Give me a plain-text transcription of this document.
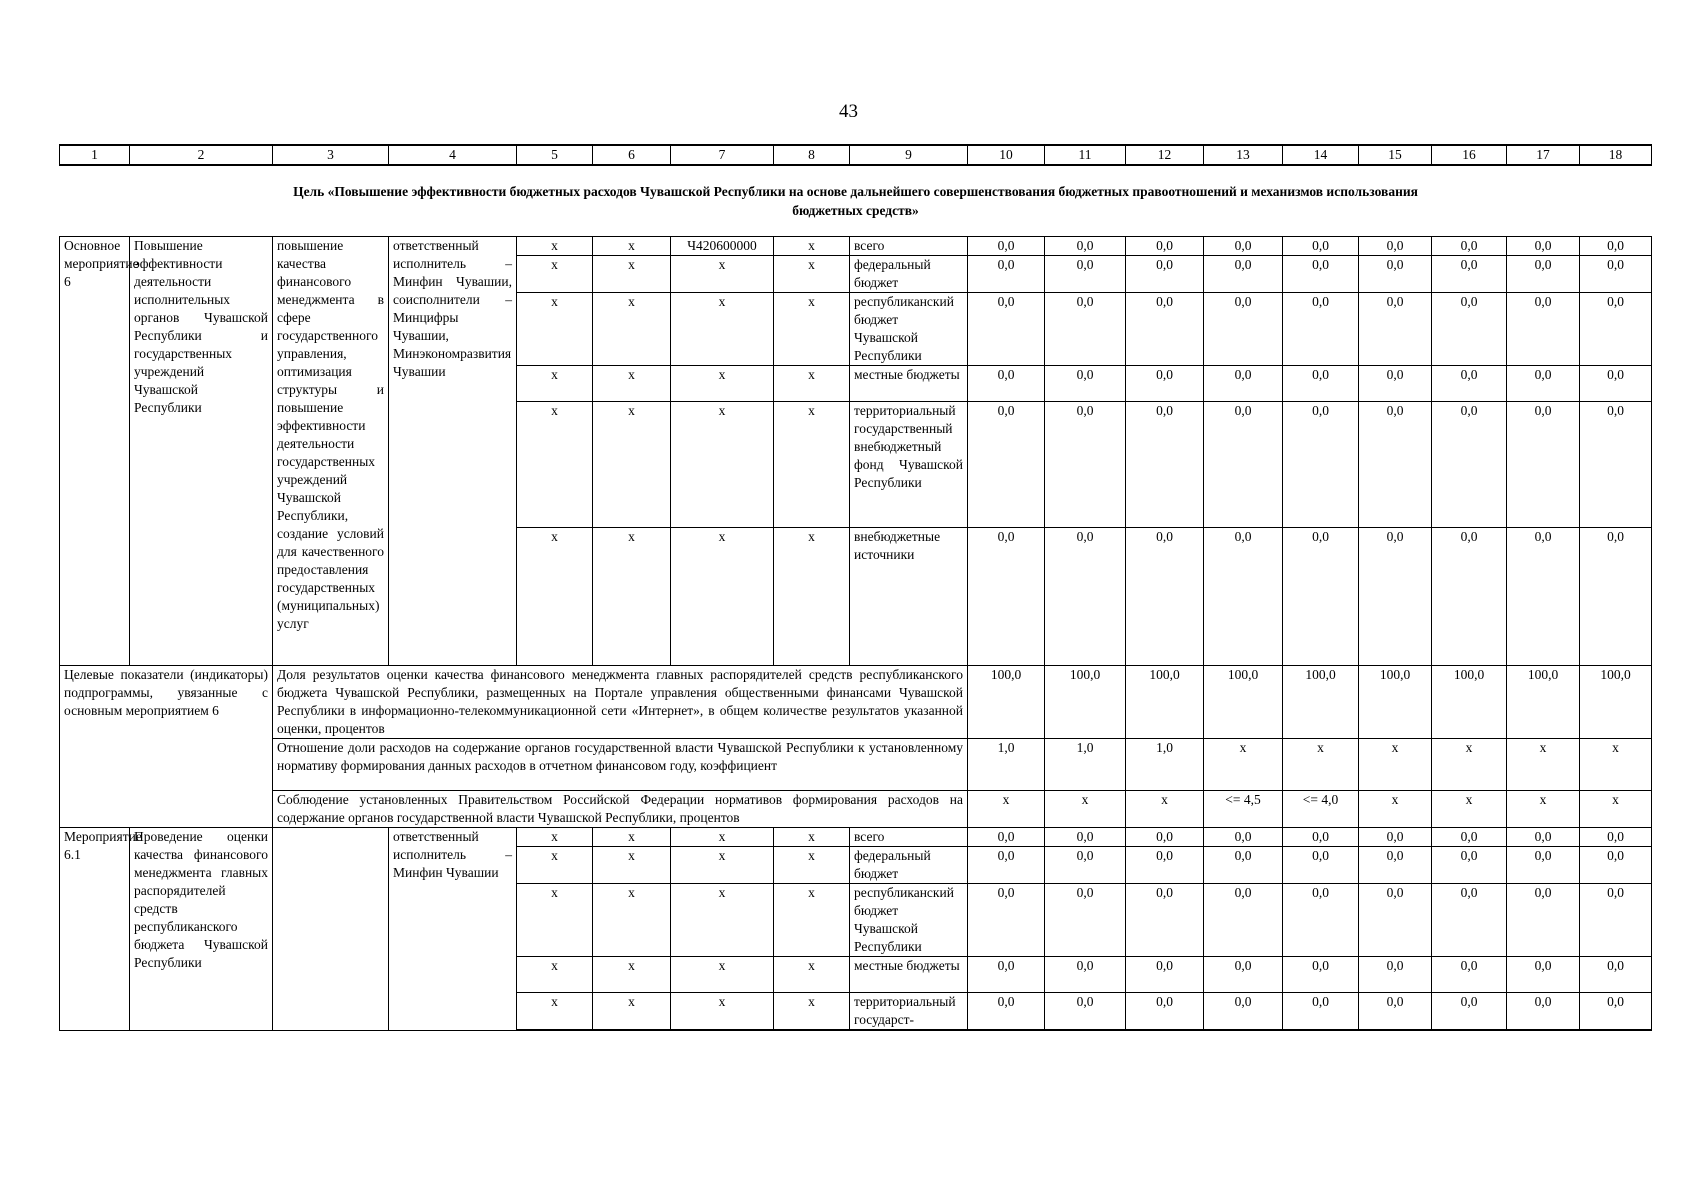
43
1	2	3	4	5	6	7	8	9	10	11	12	13	14	15	16	17	18
Цель «Повышение эффективности бюджетных расходов Чувашской Республики на основе дальнейшего совершенствования бюджетных правоотношений и механизмов использования бюджетных средств»																	
Основное мероприятие 6	Повышение эффективности деятельности исполнительных органов Чувашской Республики и государственных учреждений Чувашской Республики	повышение качества финансового менеджмента в сфере государственного управления, оптимизация структуры и повышение эффективности деятельности государственных учреждений Чувашской Республики, создание условий для качественного предоставления государственных (муниципальных) услуг	ответственный исполнитель – Минфин Чувашии, соисполнители – Минцифры Чувашии, Минэкономразвития Чувашии	x	x	Ч420600000	x	всего	0,0	0,0	0,0	0,0	0,0	0,0	0,0	0,0	0,0
				x	x	x	x	федеральный бюджет	0,0	0,0	0,0	0,0	0,0	0,0	0,0	0,0	0,0
				x	x	x	x	республиканский бюджет Чувашской Республики	0,0	0,0	0,0	0,0	0,0	0,0	0,0	0,0	0,0
				x	x	x	x	местные бюджеты	0,0	0,0	0,0	0,0	0,0	0,0	0,0	0,0	0,0
				x	x	x	x	территориальный государственный внебюджетный фонд Чувашской Республики	0,0	0,0	0,0	0,0	0,0	0,0	0,0	0,0	0,0
				x	x	x	x	внебюджетные источники	0,0	0,0	0,0	0,0	0,0	0,0	0,0	0,0	0,0
Целевые показатели (индикаторы) подпрограммы, увязанные с основным мероприятием 6		Доля результатов оценки качества финансового менеджмента главных распорядителей средств республиканского бюджета Чувашской Республики, размещенных на Портале управления общественными финансами Чувашской Республики в информационно-телекоммуникационной сети «Интернет», в общем количестве результатов указанной оценки, процентов							100,0	100,0	100,0	100,0	100,0	100,0	100,0	100,0	100,0
		Отношение доли расходов на содержание органов государственной власти Чувашской Республики к установленному нормативу формирования данных расходов в отчетном финансовом году, коэффициент							1,0	1,0	1,0	x	x	x	x	x	x
		Соблюдение установленных Правительством Российской Федерации нормативов формирования расходов на содержание органов государственной власти Чувашской Республики, процентов							x	x	x	<= 4,5	<= 4,0	x	x	x	x
Мероприятие 6.1	Проведение оценки качества финансового менеджмента главных распорядителей средств республиканского бюджета Чувашской Республики		ответственный исполнитель – Минфин Чувашии	x	x	x	x	всего	0,0	0,0	0,0	0,0	0,0	0,0	0,0	0,0	0,0
				x	x	x	x	федеральный бюджет	0,0	0,0	0,0	0,0	0,0	0,0	0,0	0,0	0,0
				x	x	x	x	республиканский бюджет Чувашской Республики	0,0	0,0	0,0	0,0	0,0	0,0	0,0	0,0	0,0
				x	x	x	x	местные бюджеты	0,0	0,0	0,0	0,0	0,0	0,0	0,0	0,0	0,0
				x	x	x	x	территориальный государст-	0,0	0,0	0,0	0,0	0,0	0,0	0,0	0,0	0,0
